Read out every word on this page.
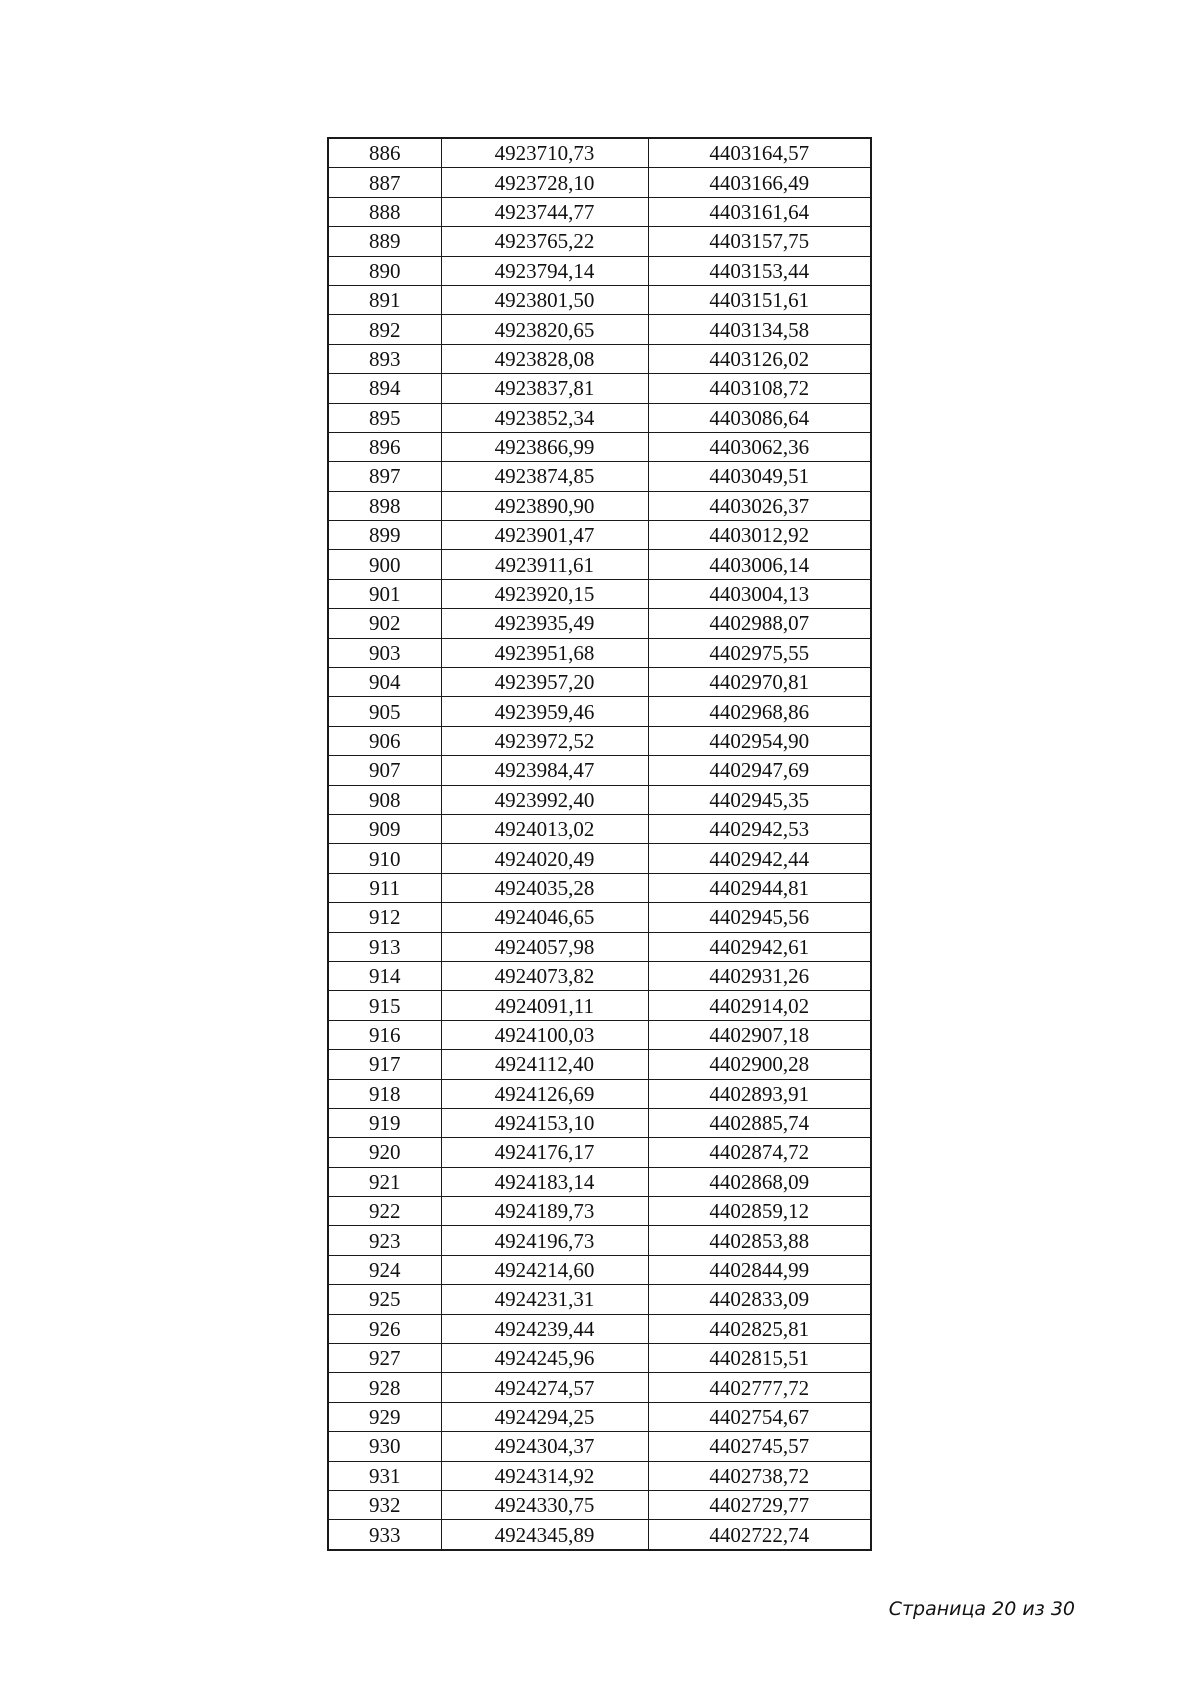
886	4923710,73	4403164,57
887	4923728,10	4403166,49
888	4923744,77	4403161,64
889	4923765,22	4403157,75
890	4923794,14	4403153,44
891	4923801,50	4403151,61
892	4923820,65	4403134,58
893	4923828,08	4403126,02
894	4923837,81	4403108,72
895	4923852,34	4403086,64
896	4923866,99	4403062,36
897	4923874,85	4403049,51
898	4923890,90	4403026,37
899	4923901,47	4403012,92
900	4923911,61	4403006,14
901	4923920,15	4403004,13
902	4923935,49	4402988,07
903	4923951,68	4402975,55
904	4923957,20	4402970,81
905	4923959,46	4402968,86
906	4923972,52	4402954,90
907	4923984,47	4402947,69
908	4923992,40	4402945,35
909	4924013,02	4402942,53
910	4924020,49	4402942,44
911	4924035,28	4402944,81
912	4924046,65	4402945,56
913	4924057,98	4402942,61
914	4924073,82	4402931,26
915	4924091,11	4402914,02
916	4924100,03	4402907,18
917	4924112,40	4402900,28
918	4924126,69	4402893,91
919	4924153,10	4402885,74
920	4924176,17	4402874,72
921	4924183,14	4402868,09
922	4924189,73	4402859,12
923	4924196,73	4402853,88
924	4924214,60	4402844,99
925	4924231,31	4402833,09
926	4924239,44	4402825,81
927	4924245,96	4402815,51
928	4924274,57	4402777,72
929	4924294,25	4402754,67
930	4924304,37	4402745,57
931	4924314,92	4402738,72
932	4924330,75	4402729,77
933	4924345,89	4402722,74
Страница 20 из 30
